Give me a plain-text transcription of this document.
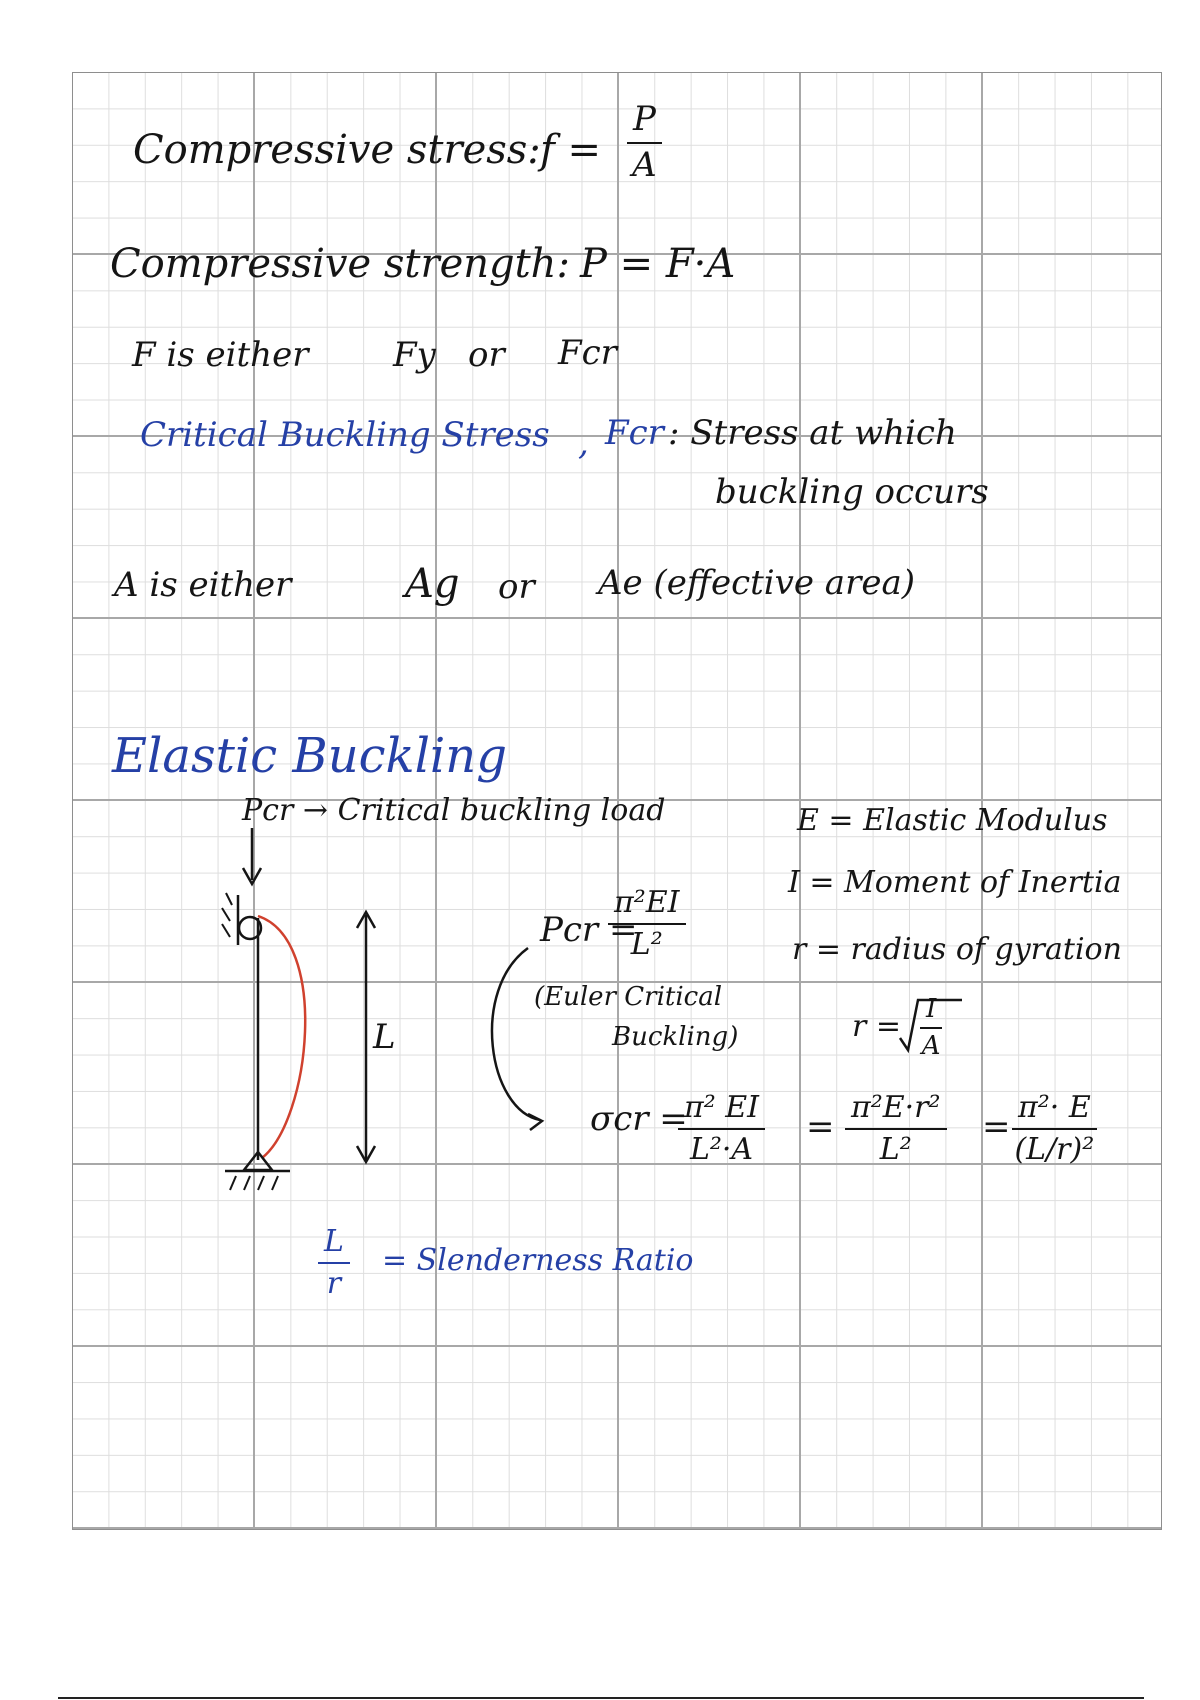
Compressive stress: $f = \frac{P}{A}$
Compressive strength: P = F·A
F is either Fy or Fcr
Critical Buckling Stress , Fcr : Stress at which
buckling occurs
A is either	Ag or Ae (effective area)
Elastic Buckling
Pcr → Critical buckling load
L
Pcr =
$\frac{\text{π²EI}}{\text{L²}}$
(Euler Critical
Buckling)
σcr =
$\frac{\text{π² EI}}{\text{L²·A}} = \frac{\text{π²E·r²}}{\text{L²}} = \frac{\text{π²· E}}{\text{(L/r)²}}$
E = Elastic Modulus
I = Moment of Inertia
r = radius of gyration
$r = \frac{I}{A}$
$\frac{L}{r}$ = Slenderness Ratio
